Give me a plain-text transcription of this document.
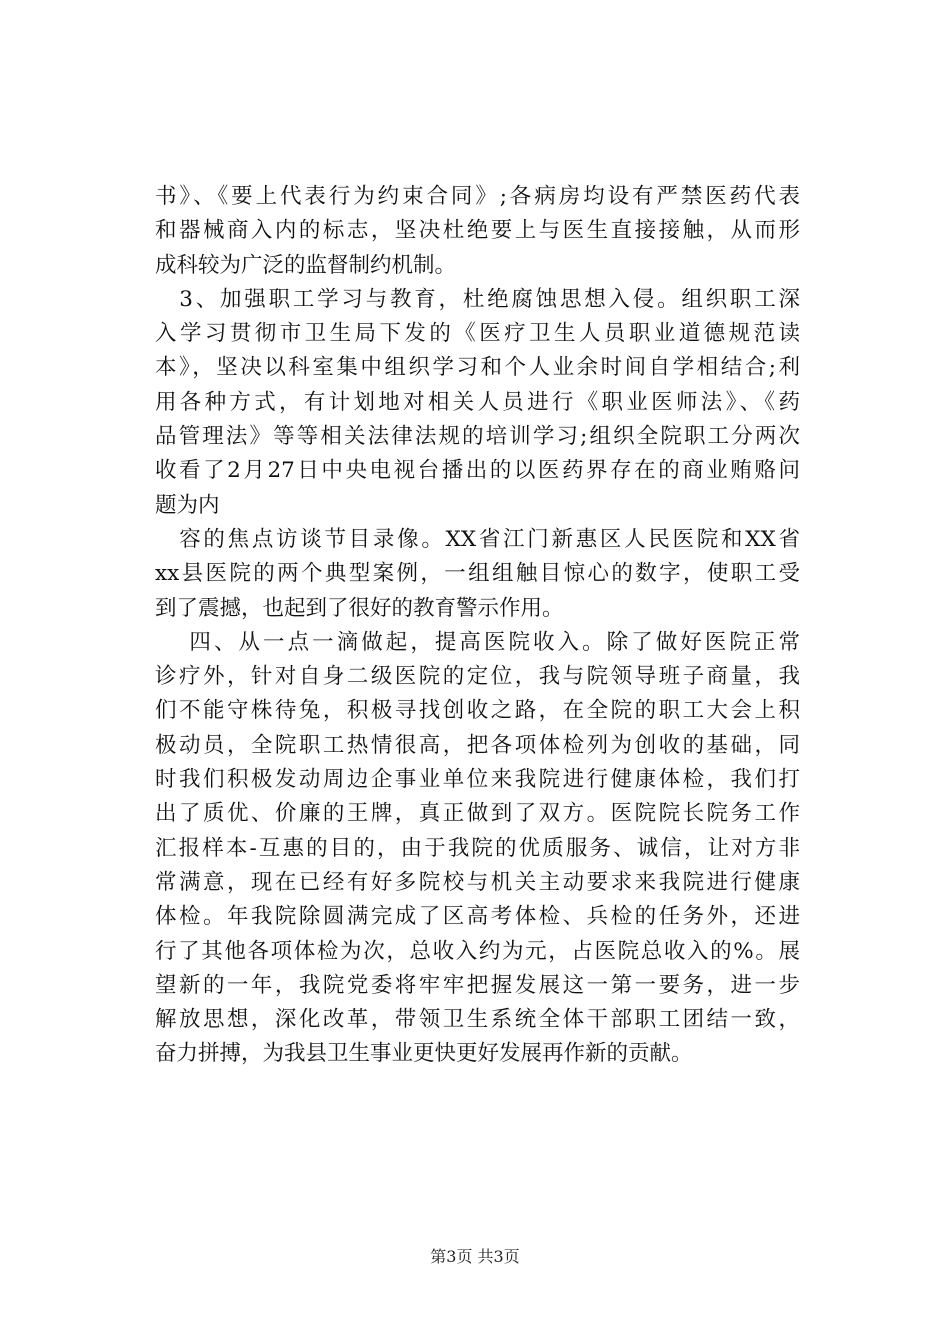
书》、《要上代表行为约束合同》;各病房均设有严禁医药代表
和器械商入内的标志，坚决杜绝要上与医生直接接触，从而形
成科较为广泛的监督制约机制。
　3、加强职工学习与教育，杜绝腐蚀思想入侵。组织职工深
入学习贯彻市卫生局下发的《医疗卫生人员职业道德规范读
本》，坚决以科室集中组织学习和个人业余时间自学相结合;利
用各种方式，有计划地对相关人员进行《职业医师法》、《药
品管理法》等等相关法律法规的培训学习;组织全院职工分两次
收看了2月27日中央电视台播出的以医药界存在的商业贿赂问
题为内
　容的焦点访谈节目录像。XX省江门新惠区人民医院和XX省
xx县医院的两个典型案例，一组组触目惊心的数字，使职工受
到了震撼，也起到了很好的教育警示作用。
　 四、从一点一滴做起，提高医院收入。除了做好医院正常
诊疗外，针对自身二级医院的定位，我与院领导班子商量，我
们不能守株待兔，积极寻找创收之路，在全院的职工大会上积
极动员，全院职工热情很高，把各项体检列为创收的基础，同
时我们积极发动周边企事业单位来我院进行健康体检，我们打
出了质优、价廉的王牌，真正做到了双方。医院院长院务工作
汇报样本-互惠的目的，由于我院的优质服务、诚信，让对方非
常满意，现在已经有好多院校与机关主动要求来我院进行健康
体检。年我院除圆满完成了区高考体检、兵检的任务外，还进
行了其他各项体检为次，总收入约为元，占医院总收入的%。展
望新的一年，我院党委将牢牢把握发展这一第一要务，进一步
解放思想，深化改革，带领卫生系统全体干部职工团结一致，
奋力拼搏，为我县卫生事业更快更好发展再作新的贡献。
第3页 共3页
